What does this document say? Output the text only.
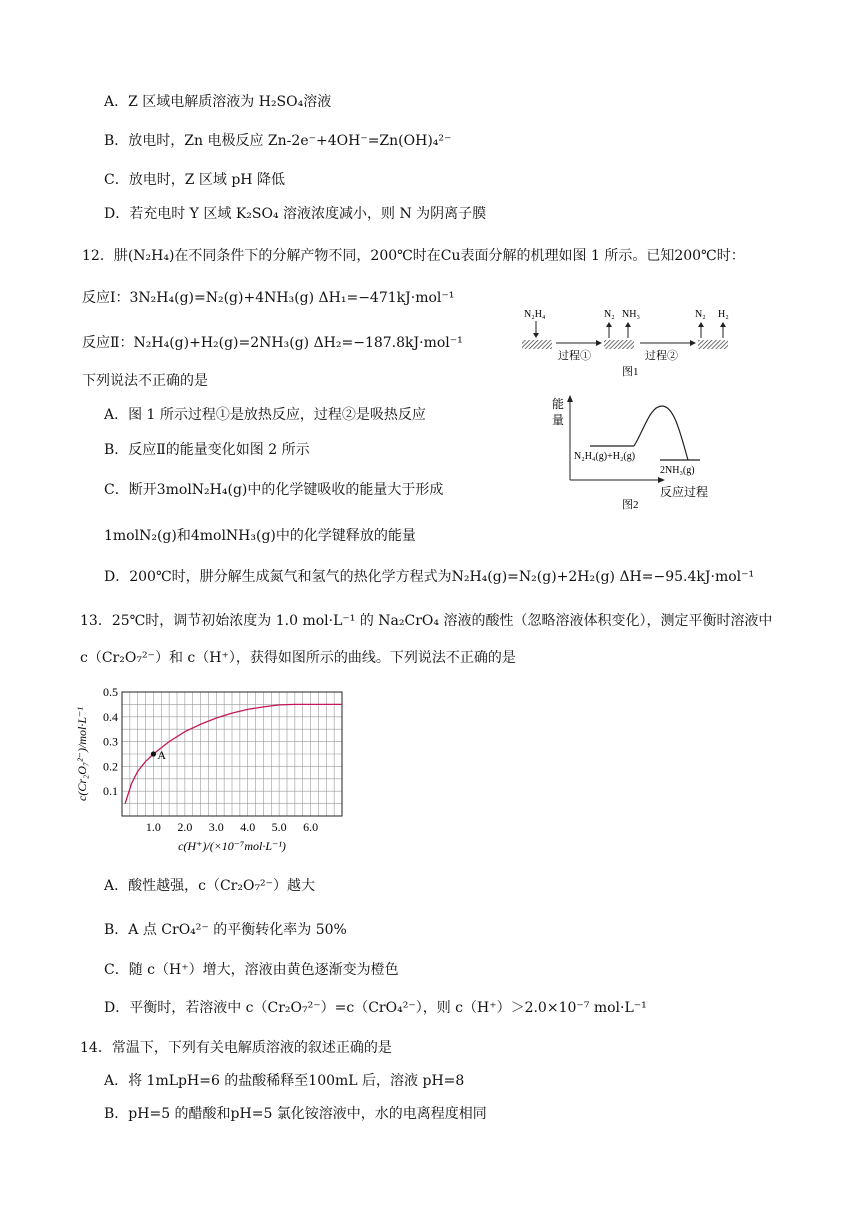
A．Z 区域电解质溶液为 H₂SO₄溶液
B．放电时，Zn 电极反应 Zn-2e⁻+4OH⁻=Zn(OH)₄²⁻
C．放电时，Z 区域 pH 降低
D．若充电时 Y 区域 K₂SO₄ 溶液浓度减小，则 N 为阴离子膜
12．肼(N₂H₄)在不同条件下的分解产物不同，200℃时在Cu表面分解的机理如图 1 所示。已知200℃时：
反应Ⅰ：3N₂H₄(g)=N₂(g)+4NH₃(g) ΔH₁=−471kJ·mol⁻¹
反应Ⅱ：N₂H₄(g)+H₂(g)=2NH₃(g) ΔH₂=−187.8kJ·mol⁻¹
下列说法不正确的是
A．图 1 所示过程①是放热反应，过程②是吸热反应
B．反应Ⅱ的能量变化如图 2 所示
C．断开3molN₂H₄(g)中的化学键吸收的能量大于形成
1molN₂(g)和4molNH₃(g)中的化学键释放的能量
D．200℃时，肼分解生成氮气和氢气的热化学方程式为N₂H₄(g)=N₂(g)+2H₂(g) ΔH=−95.4kJ·mol⁻¹
N₂H₄	N₂ NH₃	N₂ H₂
过程①	过程②
图1
能
量
N₂H₄(g)+H₂(g)
2NH₃(g)
反应过程
图2
13．25℃时，调节初始浓度为 1.0 mol·L⁻¹ 的 Na₂CrO₄ 溶液的酸性（忽略溶液体积变化），测定平衡时溶液中
c（Cr₂O₇²⁻）和 c（H⁺），获得如图所示的曲线。下列说法不正确的是
1.0 2.0 3.0 4.0 5.0 6.0
0.1
0.2
0.3
0.4
0.5
c(H⁺)/(×10⁻⁷mol·L⁻¹)
c(Cr₂O₇²⁻)/mol·L⁻¹	A
A．酸性越强，c（Cr₂O₇²⁻）越大
B．A 点 CrO₄²⁻ 的平衡转化率为 50%
C．随 c（H⁺）增大，溶液由黄色逐渐变为橙色
D．平衡时，若溶液中 c（Cr₂O₇²⁻）=c（CrO₄²⁻），则 c（H⁺）＞2.0×10⁻⁷ mol·L⁻¹
14．常温下，下列有关电解质溶液的叙述正确的是
A．将 1mLpH=6 的盐酸稀释至100mL 后，溶液 pH=8
B．pH=5 的醋酸和pH=5 氯化铵溶液中，水的电离程度相同
